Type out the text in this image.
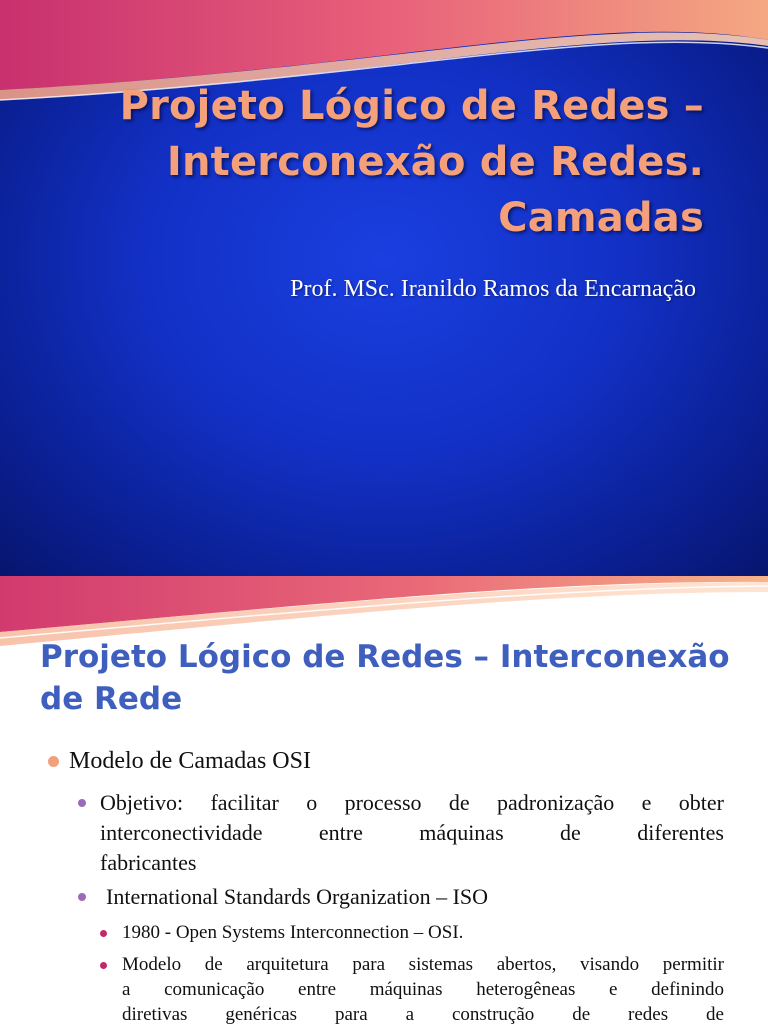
Projeto Lógico de Redes –
Interconexão de Redes.
Camadas
Prof. MSc. Iranildo Ramos da Encarnação
Projeto Lógico de Redes – Interconexão
de Rede
Modelo de Camadas OSI
Objetivo: facilitar o processo de padronização e obter
interconectividade entre máquinas de diferentes
fabricantes
International Standards Organization – ISO
1980 - Open Systems Interconnection – OSI.
Modelo de arquitetura para sistemas abertos, visando permitir
a comunicação entre máquinas heterogêneas e definindo
diretivas genéricas para a construção de redes de
